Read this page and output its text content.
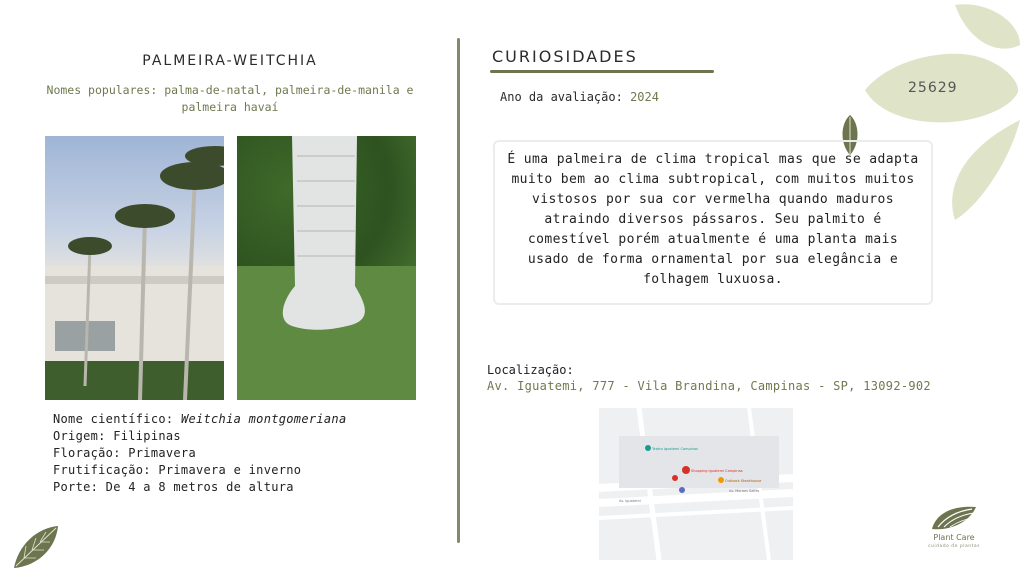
PALMEIRA-WEITCHIA
Nomes populares: palma-de-natal, palmeira-de-manila e palmeira havaí
Nome científico: Weitchia montgomeriana
Origem: Filipinas
Floração: Primavera
Frutificação: Primavera e inverno
Porte: De 4 a 8 metros de altura
CURIOSIDADES
Ano da avaliação: 2024
É uma palmeira de clima tropical mas que se adapta muito bem ao clima subtropical, com muitos muitos vistosos por sua cor vermelha quando maduros atraindo diversos pássaros. Seu palmito é comestível porém atualmente é uma planta mais usado de forma ornamental por sua elegância e folhagem luxuosa.
Localização:
Av. Iguatemi, 777 - Vila Brandina, Campinas - SP, 13092-902
Teatro Iguatemi Campinas
Shopping Iguatemi Campinas
Outback Steakhouse
Av. Iguatemi
Av. Moraes Salles
25629
Plant Care
cuidado de plantas
